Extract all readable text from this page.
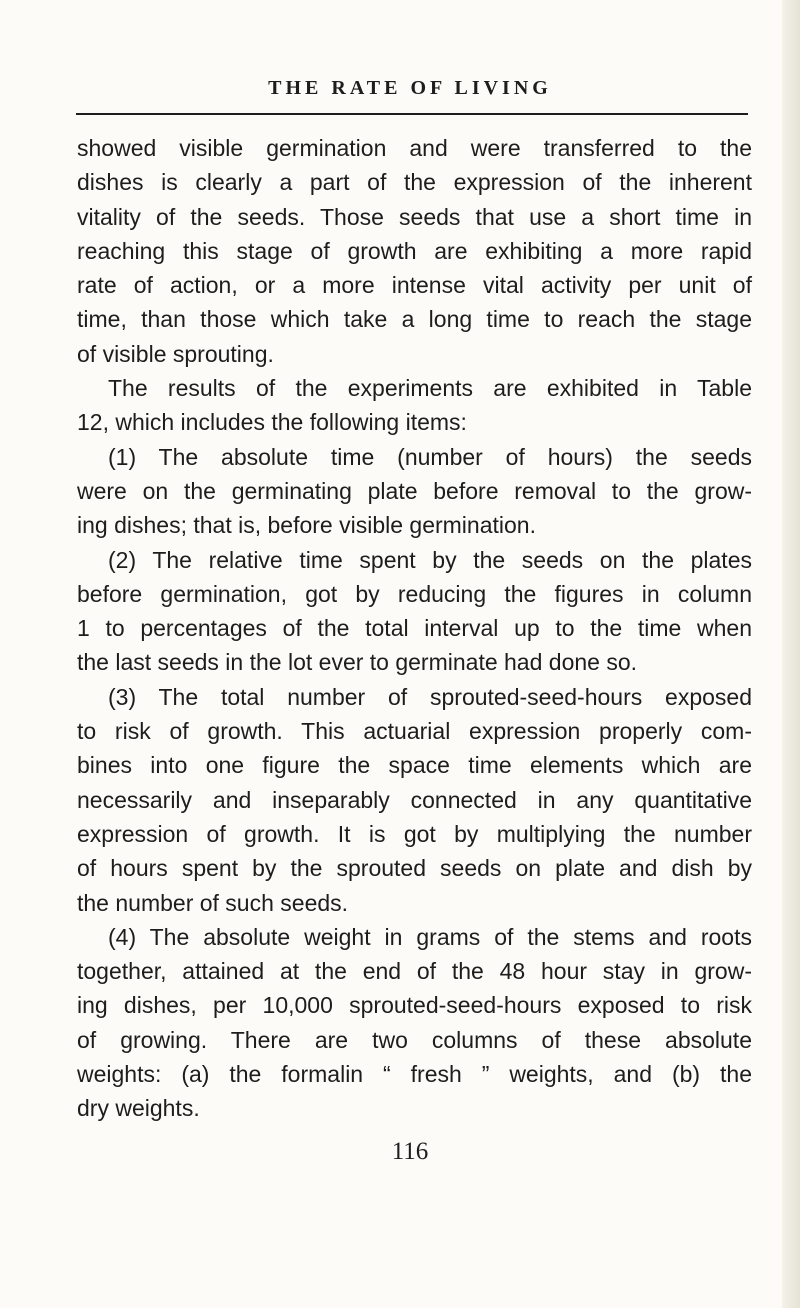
THE RATE OF LIVING
showed visible germination and were transferred to the
dishes is clearly a part of the expression of the inherent
vitality of the seeds. Those seeds that use a short time in
reaching this stage of growth are exhibiting a more rapid
rate of action, or a more intense vital activity per unit of
time, than those which take a long time to reach the stage
of visible sprouting.
The results of the experiments are exhibited in Table
12, which includes the following items:
(1) The absolute time (number of hours) the seeds
were on the germinating plate before removal to the grow-
ing dishes; that is, before visible germination.
(2) The relative time spent by the seeds on the plates
before germination, got by reducing the figures in column
1 to percentages of the total interval up to the time when
the last seeds in the lot ever to germinate had done so.
(3) The total number of sprouted-seed-hours exposed
to risk of growth. This actuarial expression properly com-
bines into one figure the space time elements which are
necessarily and inseparably connected in any quantitative
expression of growth. It is got by multiplying the number
of hours spent by the sprouted seeds on plate and dish by
the number of such seeds.
(4) The absolute weight in grams of the stems and roots
together, attained at the end of the 48 hour stay in grow-
ing dishes, per 10,000 sprouted-seed-hours exposed to risk
of growing. There are two columns of these absolute
weights: (a) the formalin “ fresh ” weights, and (b) the
dry weights.
116
